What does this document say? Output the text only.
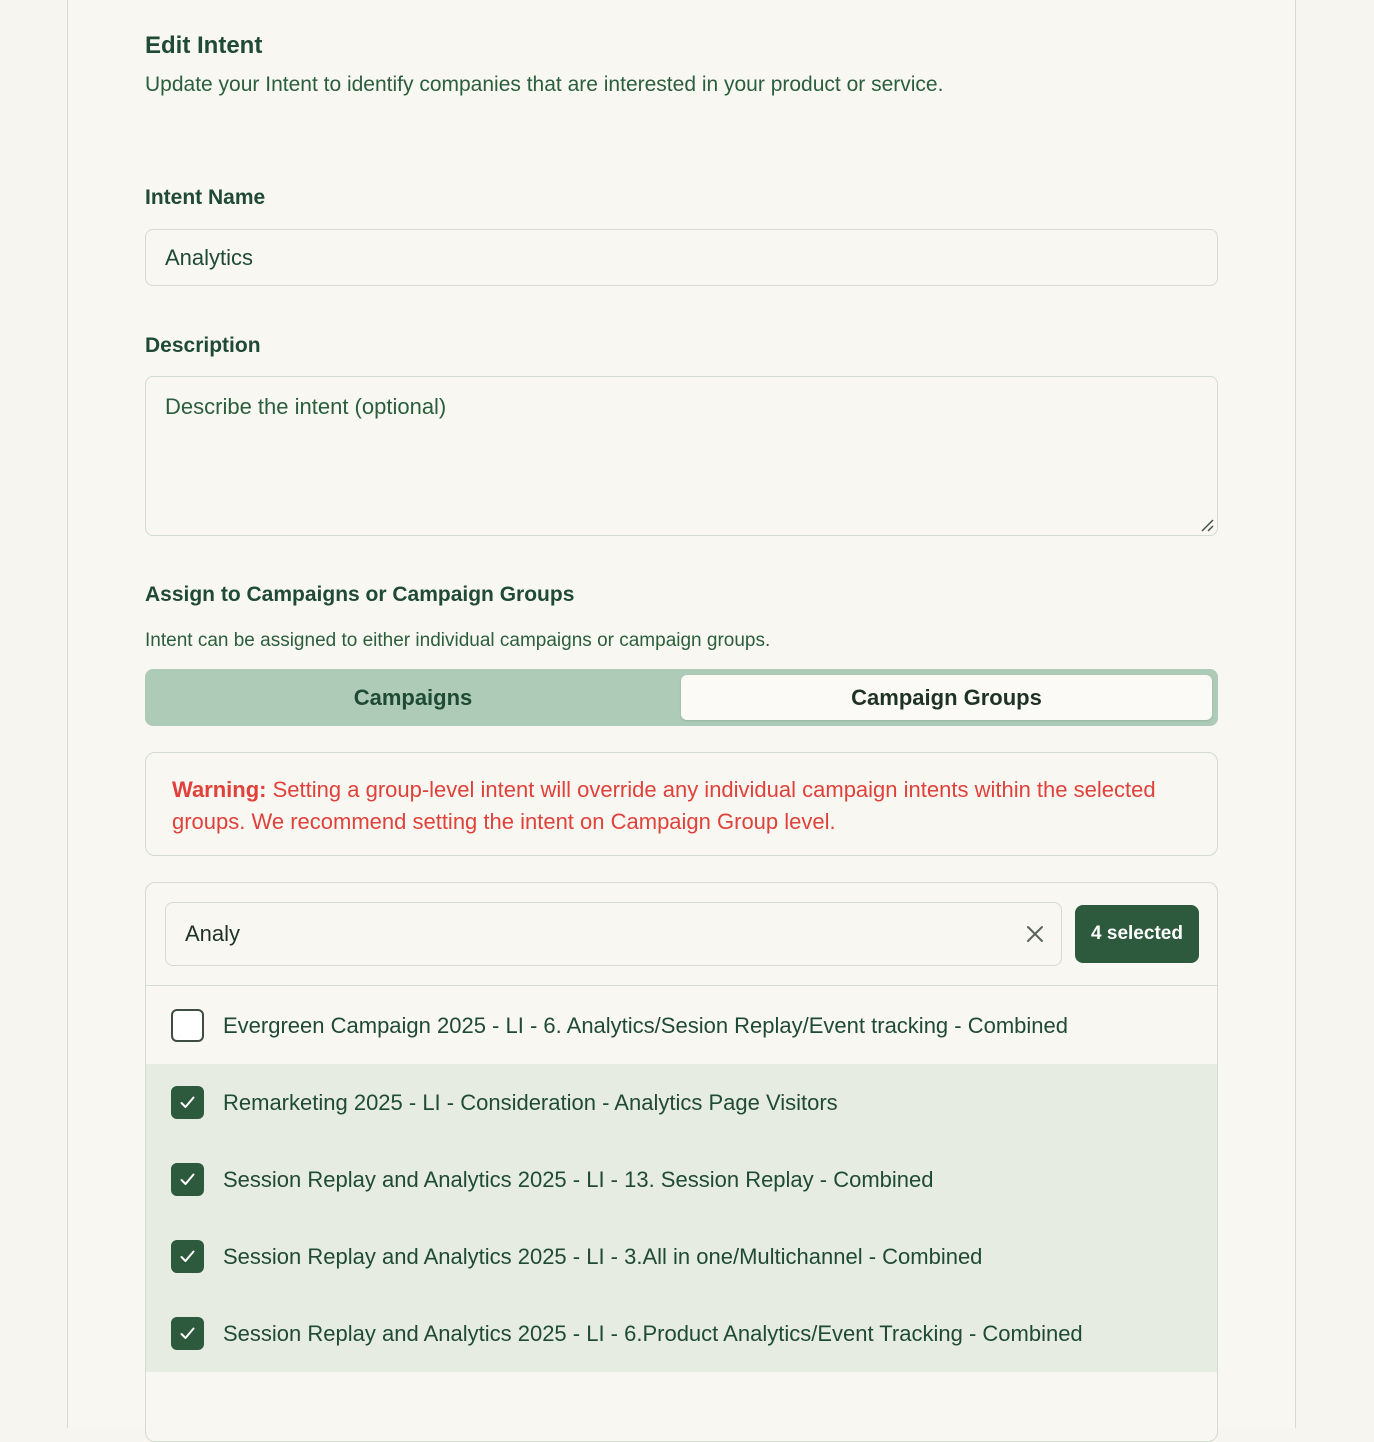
Edit Intent
Update your Intent to identify companies that are interested in your product or service.
Intent Name
Analytics
Description
Describe the intent (optional)
Assign to Campaigns or Campaign Groups
Intent can be assigned to either individual campaigns or campaign groups.
Campaigns	Campaign Groups
Warning: Setting a group-level intent will override any individual campaign intents within the selected groups. We recommend setting the intent on Campaign Group level.
Analy
4 selected
Evergreen Campaign 2025 - LI - 6. Analytics/Sesion Replay/Event tracking - Combined
Remarketing 2025 - LI - Consideration - Analytics Page Visitors
Session Replay and Analytics 2025 - LI - 13. Session Replay - Combined
Session Replay and Analytics 2025 - LI - 3.All in one/Multichannel - Combined
Session Replay and Analytics 2025 - LI - 6.Product Analytics/Event Tracking - Combined
